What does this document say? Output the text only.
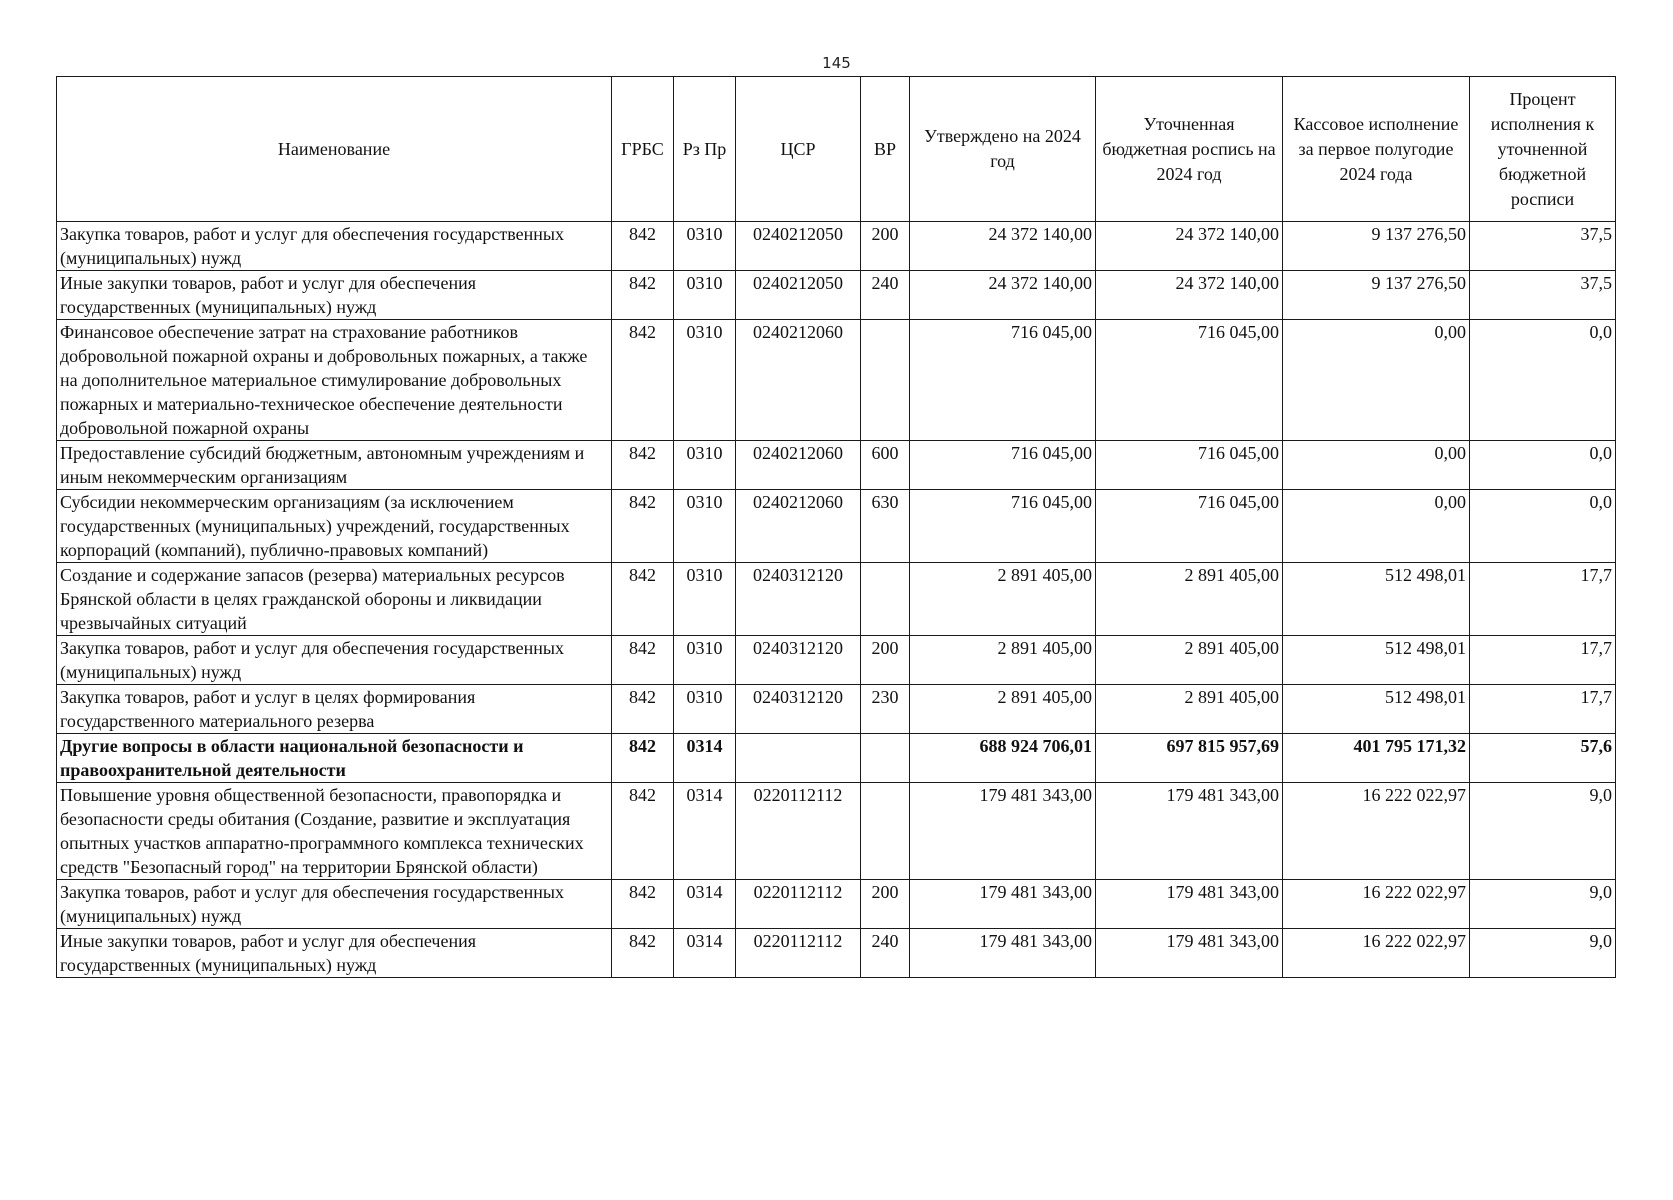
145
Наименование	ГРБС	Рз Пр	ЦСР	ВР	Утверждено на 2024 год	Уточненная бюджетная роспись на 2024 год	Кассовое исполнение за первое полугодие 2024 года	Процент исполнения к уточненной бюджетной росписи
Закупка товаров, работ и услуг для обеспечения государственных (муниципальных) нужд	842	0310	0240212050	200	24 372 140,00	24 372 140,00	9 137 276,50	37,5
Иные закупки товаров, работ и услуг для обеспечения государственных (муниципальных) нужд	842	0310	0240212050	240	24 372 140,00	24 372 140,00	9 137 276,50	37,5
Финансовое обеспечение затрат на страхование работников добровольной пожарной охраны и добровольных пожарных, а также на дополнительное материальное стимулирование добровольных пожарных и материально-техническое обеспечение деятельности добровольной пожарной охраны	842	0310	0240212060		716 045,00	716 045,00	0,00	0,0
Предоставление субсидий бюджетным, автономным учреждениям и иным некоммерческим организациям	842	0310	0240212060	600	716 045,00	716 045,00	0,00	0,0
Субсидии некоммерческим организациям (за исключением государственных (муниципальных) учреждений, государственных корпораций (компаний), публично-правовых компаний)	842	0310	0240212060	630	716 045,00	716 045,00	0,00	0,0
Создание и содержание запасов (резерва) материальных ресурсов Брянской области в целях гражданской обороны и ликвидации чрезвычайных ситуаций	842	0310	0240312120		2 891 405,00	2 891 405,00	512 498,01	17,7
Закупка товаров, работ и услуг для обеспечения государственных (муниципальных) нужд	842	0310	0240312120	200	2 891 405,00	2 891 405,00	512 498,01	17,7
Закупка товаров, работ и услуг в целях формирования государственного материального резерва	842	0310	0240312120	230	2 891 405,00	2 891 405,00	512 498,01	17,7
Другие вопросы в области национальной безопасности и правоохранительной деятельности	842	0314			688 924 706,01	697 815 957,69	401 795 171,32	57,6
Повышение уровня общественной безопасности, правопорядка и безопасности среды обитания (Создание, развитие и эксплуатация опытных участков аппаратно-программного комплекса технических средств "Безопасный город" на территории Брянской области)	842	0314	0220112112		179 481 343,00	179 481 343,00	16 222 022,97	9,0
Закупка товаров, работ и услуг для обеспечения государственных (муниципальных) нужд	842	0314	0220112112	200	179 481 343,00	179 481 343,00	16 222 022,97	9,0
Иные закупки товаров, работ и услуг для обеспечения государственных (муниципальных) нужд	842	0314	0220112112	240	179 481 343,00	179 481 343,00	16 222 022,97	9,0
